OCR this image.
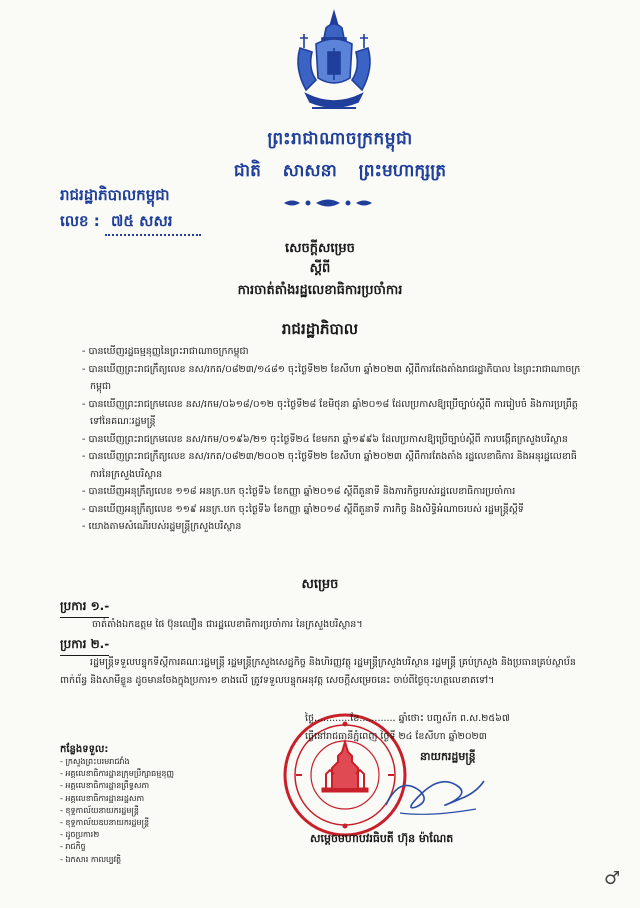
ព្រះរាជាណាចក្រកម្ពុជា
ជាតិ សាសនា ព្រះមហាក្សត្រ
រាជរដ្ឋាភិបាលកម្ពុជា
លេខ : ៧៥ សសរ
សេចក្តីសម្រេច
ស្តីពី
ការចាត់តាំងរដ្ឋលេខាធិការប្រចាំការ
រាជរដ្ឋាភិបាល
- បានឃើញរដ្ឋធម្មនុញ្ញនៃព្រះរាជាណាចក្រកម្ពុជា
- បានឃើញព្រះរាជក្រឹត្យលេខ នស/រកត/០៨២៣/១៤៨១ ចុះថ្ងៃទី២២ ខែសីហា ឆ្នាំ២០២៣ ស្តីពីការតែងតាំងរាជរដ្ឋាភិបាល នៃព្រះរាជាណាចក្រកម្ពុជា
- បានឃើញព្រះរាជក្រមលេខ នស/រកម/០៦១៨/០១២ ចុះថ្ងៃទី២៨ ខែមិថុនា ឆ្នាំ២០១៨ ដែលប្រកាសឱ្យប្រើច្បាប់ស្តីពី ការរៀបចំ និងការប្រព្រឹត្តទៅនៃគណៈរដ្ឋមន្ត្រី
- បានឃើញព្រះរាជក្រមលេខ នស/រកម/០១៩៦/២១ ចុះថ្ងៃទី២៤ ខែមករា ឆ្នាំ១៩៩៦ ដែលប្រកាសឱ្យប្រើច្បាប់ស្តីពី ការបង្កើតក្រសួងបរិស្ថាន
- បានឃើញព្រះរាជក្រឹត្យលេខ នស/រកត/០៨២៣/២០០២ ចុះថ្ងៃទី២២ ខែសីហា ឆ្នាំ២០២៣ ស្តីពីការតែងតាំង រដ្ឋលេខាធិការ និងអនុរដ្ឋលេខាធិការនៃក្រសួងបរិស្ថាន
- បានឃើញអនុក្រឹត្យលេខ ១១៨ អនក្រ.បក ចុះថ្ងៃទី៦ ខែកញ្ញា ឆ្នាំ២០១៨ ស្តីពីតួនាទី និងភារកិច្ចរបស់រដ្ឋលេខាធិការប្រចាំការ
- បានឃើញអនុក្រឹត្យលេខ ១១៩ អនក្រ.បក ចុះថ្ងៃទី៦ ខែកញ្ញា ឆ្នាំ២០១៨ ស្តីពីតួនាទី ភារកិច្ច និងសិទ្ធិអំណាចរបស់ រដ្ឋមន្ត្រីស្តីទី
- យោងតាមសំណើរបស់រដ្ឋមន្ត្រីក្រសួងបរិស្ថាន
សម្រេច
ប្រការ ១.-
ចាត់តាំងឯកឧត្តម ផៃ ប៊ុនឈឿន ជារដ្ឋលេខាធិការប្រចាំការ នៃក្រសួងបរិស្ថាន។
ប្រការ ២.-
រដ្ឋមន្ត្រីទទួលបន្ទុកទីស្តីការគណៈរដ្ឋមន្ត្រី រដ្ឋមន្ត្រីក្រសួងសេដ្ឋកិច្ច និងហិរញ្ញវត្ថុ រដ្ឋមន្ត្រីក្រសួងបរិស្ថាន រដ្ឋមន្ត្រី គ្រប់ក្រសួង និងប្រធានគ្រប់ស្ថាប័នពាក់ព័ន្ធ និងសាមីខ្លួន ដូចមានចែងក្នុងប្រការ១ ខាងលើ ត្រូវទទួលបន្ទុកអនុវត្ត សេចក្តីសម្រេចនេះ ចាប់ពីថ្ងៃចុះហត្ថលេខាតទៅ។
ថ្ងៃ............ខែ............ ឆ្នាំថោះ បញ្ចស័ក ព.ស.២៥៦៧
ធ្វើនៅរាជធានីភ្នំពេញ ថ្ងៃទី ២៤ ខែសីហា ឆ្នាំ២០២៣
នាយករដ្ឋមន្ត្រី
សម្តេចមហាបវរធិបតី ហ៊ុន ម៉ាណែត
កន្លែងទទួល:
- ក្រសួងព្រះបរមរាជវាំង
- អគ្គលេខាធិការដ្ឋានក្រុមប្រឹក្សាធម្មនុញ្ញ
- អគ្គលេខាធិការដ្ឋានព្រឹទ្ធសភា
- អគ្គលេខាធិការដ្ឋានរដ្ឋសភា
- ខុទ្ទកាល័យនាយករដ្ឋមន្ត្រី
- ខុទ្ទកាល័យឧបនាយករដ្ឋមន្ត្រី
- ដូចប្រការ២
- រាជកិច្ច
- ឯកសារ កាលប្បវត្តិ
♂
